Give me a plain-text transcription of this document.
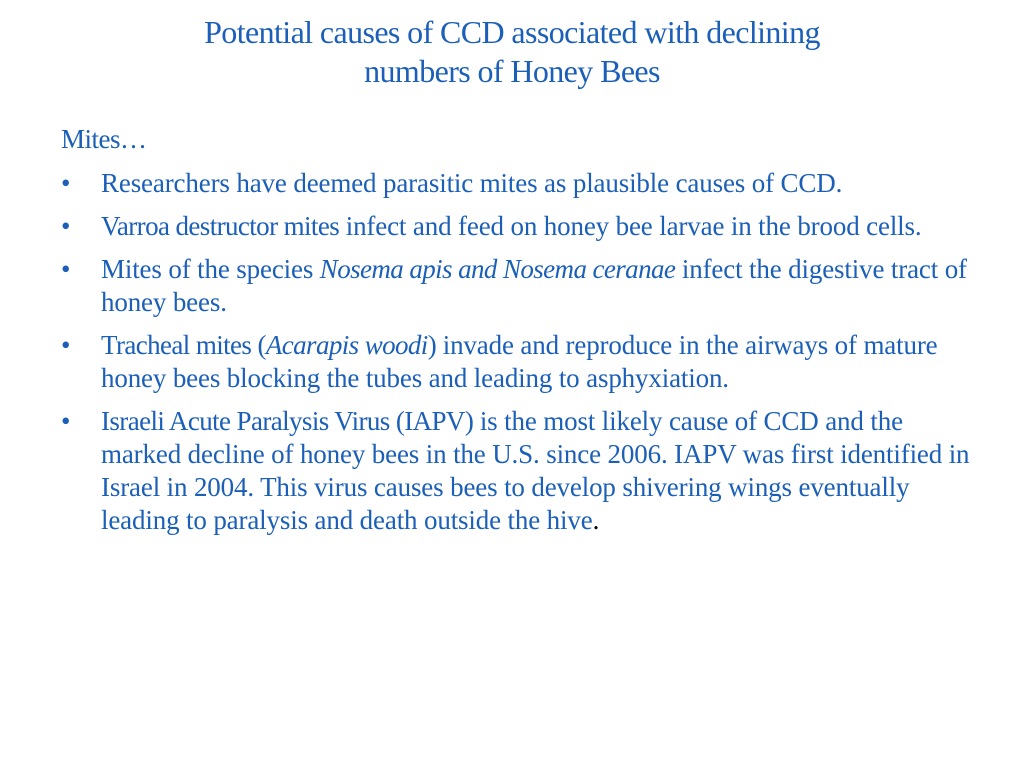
Potential causes of CCD associated with declining
numbers of Honey Bees
Mites…
•	Researchers have deemed parasitic mites as plausible causes of CCD.
•	Varroa destructor mites infect and feed on honey bee larvae in the brood cells.
•	Mites of the species Nosema apis and Nosema ceranae infect the digestive tract of honey bees.
•	Tracheal mites (Acarapis woodi) invade and reproduce in the airways of mature honey bees blocking the tubes and leading to asphyxiation.
•	Israeli Acute Paralysis Virus (IAPV) is the most likely cause of CCD and the marked decline of honey bees in the U.S. since 2006. IAPV was first identified in Israel in 2004. This virus causes bees to develop shivering wings eventually leading to paralysis and death outside the hive.
